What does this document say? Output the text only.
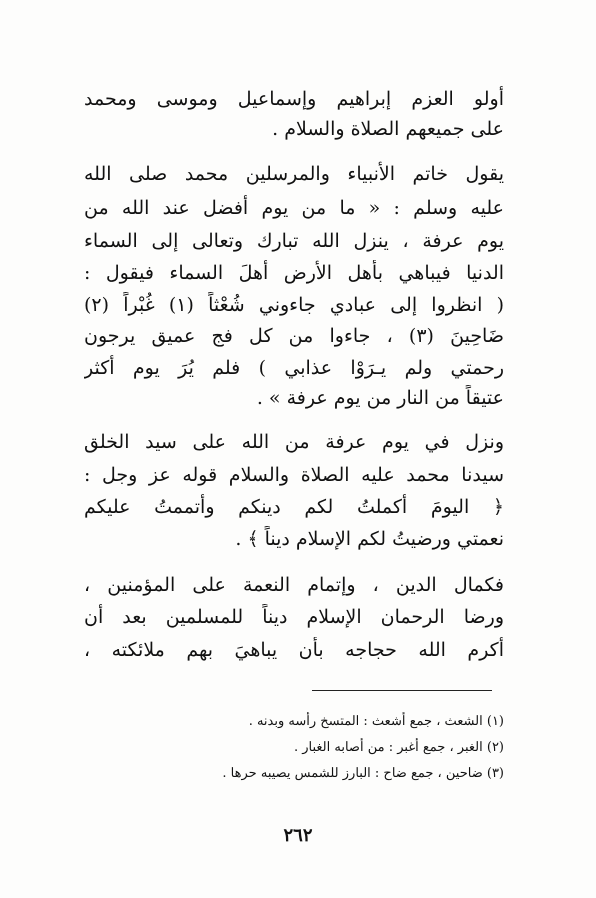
أولو العزم إبراهيم وإسماعيل وموسى ومحمد
على جميعهم الصلاة والسلام .
يقول خاتم الأنبياء والمرسلين محمد صلى الله
عليه وسلم : « ما من يوم أفضل عند الله من
يوم عرفة ، ينزل الله تبارك وتعالى إلى السماء
الدنيا فيباهي بأهل الأرض أهلَ السماء فيقول :
( انظروا إلى عبادي جاءوني شُعْثاً (١) غُبْراً (٢)
ضَاحِينَ (٣) ، جاءوا من كل فج عميق يرجون
رحمتي ولم يـرَوْا عذابي ) فلم يُرَ يوم أكثر
عتيقاً من النار من يوم عرفة » .
ونزل في يوم عرفة من الله على سيد الخلق
سيدنا محمد عليه الصلاة والسلام قوله عز وجل :
﴿ اليومَ أكملتُ لكم دينكم وأتممتُ عليكم
نعمتي ورضيتُ لكم الإسلام ديناً ﴾ .
فكمال الدين ، وإتمام النعمة على المؤمنين ،
ورضا الرحمان الإسلام ديناً للمسلمين بعد أن
أكرم الله حجاجه بأن يباهيَ بهم ملائكته ،
(١) الشعث ، جمع أشعث : المتسخ رأسه وبدنه .
(٢) الغبر ، جمع أغبر : من أصابه الغبار .
(٣) ضاحين ، جمع ضاح : البارز للشمس يصيبه حرها .
٢٦٢
